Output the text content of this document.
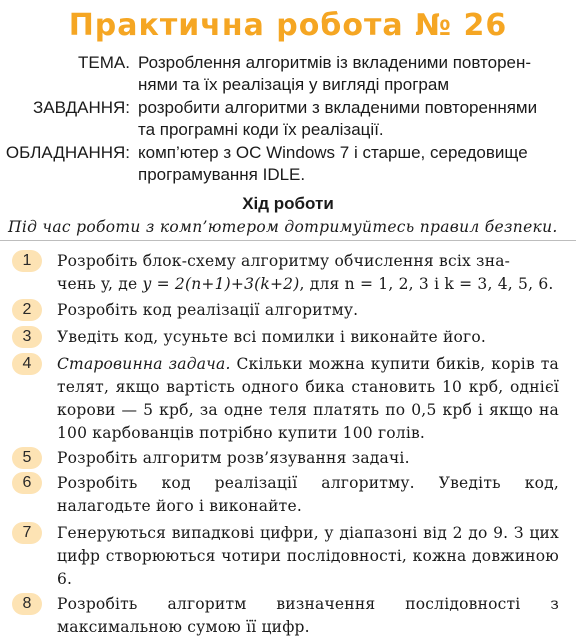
Практична робота № 26
ТЕМА. Розроблення алгоритмів із вкладеними повторен-
нями та їх реалізація у вигляді програм
ЗАВДАННЯ: розробити алгоритми з вкладеними повтореннями
та програмні коди їх реалізації.
ОБЛАДНАННЯ: комп’ютер з ОС Windows 7 і старше, середовище
програмування IDLE.
Хід роботи
Під час роботи з комп’ютером дотримуйтесь правил безпеки.
1	Розробіть блок-схему алгоритму обчислення всіх зна-
чень y, де y = 2(n+1)+3(k+2), для n = 1, 2, 3 і k = 3, 4, 5, 6.
2	Розробіть код реалізації алгоритму.
3	Уведіть код, усуньте всі помилки і виконайте його.
4	Старовинна задача. Скільки можна купити биків, корів та телят, якщо вартість одного бика становить 10 крб, однієї корови — 5 крб, за одне теля платять по 0,5 крб і якщо на 100 карбованців потрібно купити 100 голів.
5	Розробіть алгоритм розв’язування задачі.
6	Розробіть код реалізації алгоритму. Уведіть код, налагодьте його і виконайте.
7	Генеруються випадкові цифри, у діапазоні від 2 до 9. З цих цифр створюються чотири послідовності, кожна довжиною 6.
8	Розробіть алгоритм визначення послідовності з максимальною сумою її цифр.
